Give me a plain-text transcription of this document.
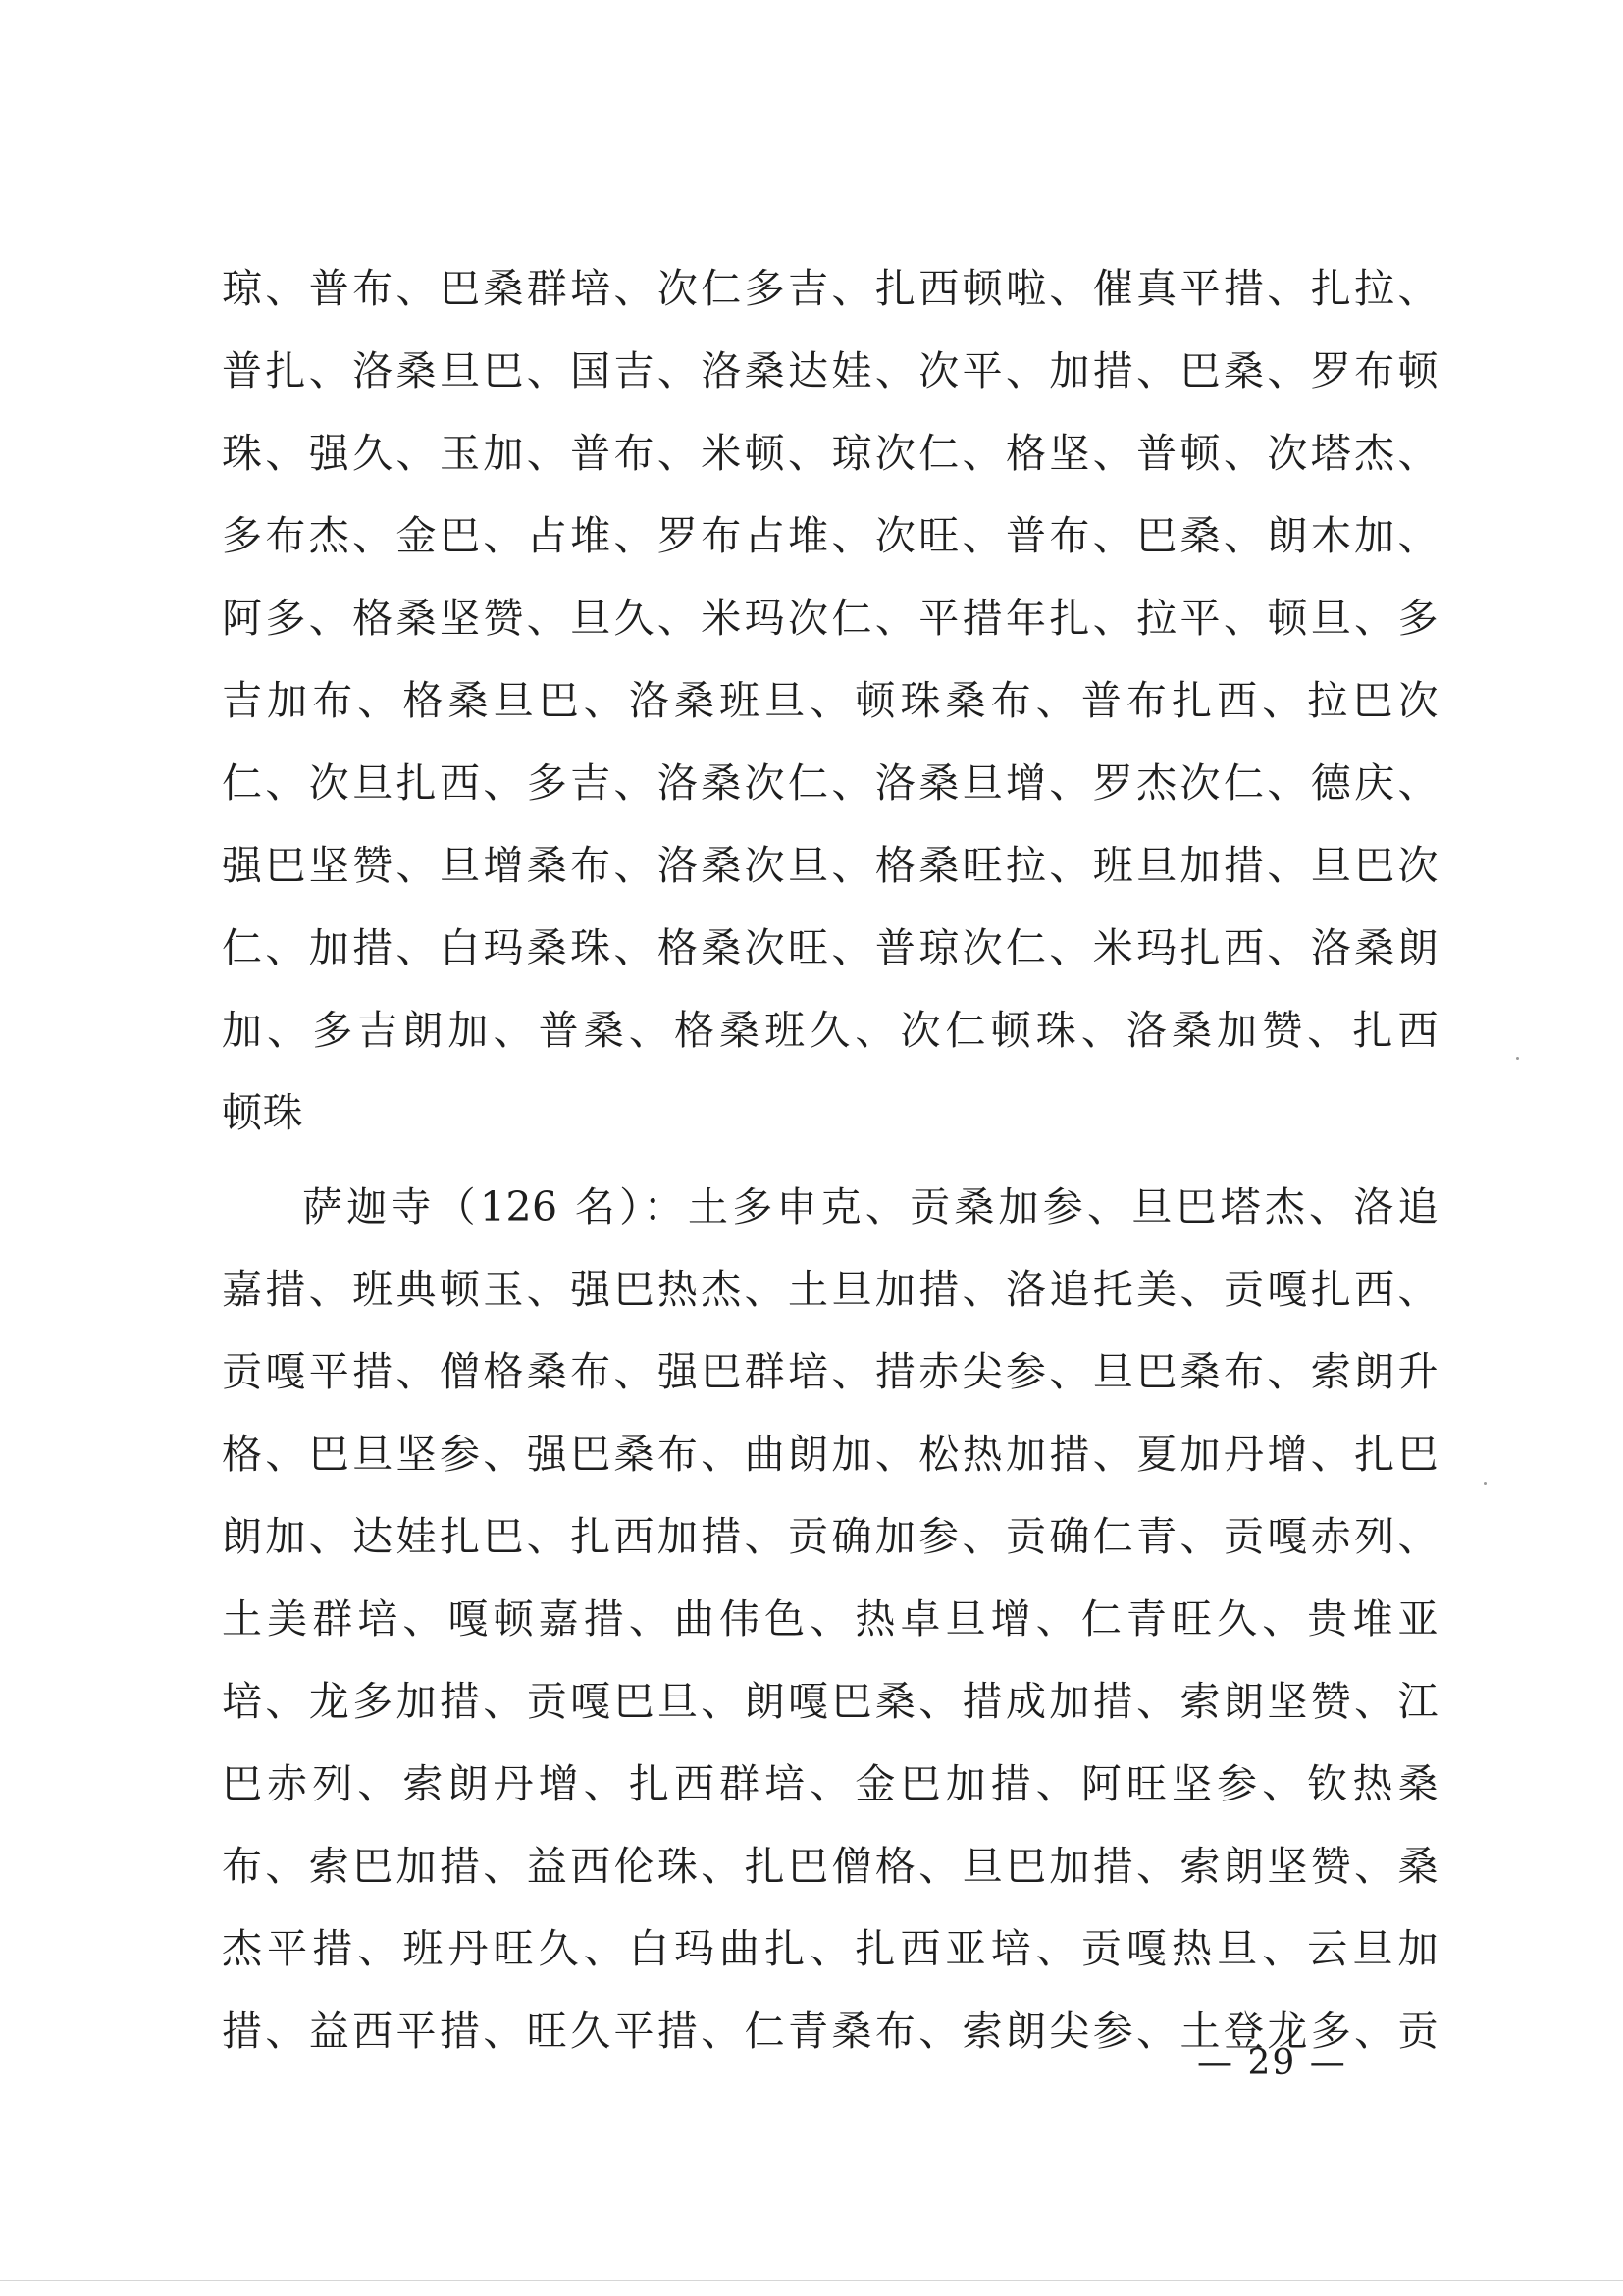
琼、普布、巴桑群培、次仁多吉、扎西顿啦、催真平措、扎拉、
普扎、洛桑旦巴、国吉、洛桑达娃、次平、加措、巴桑、罗布顿
珠、强久、玉加、普布、米顿、琼次仁、格坚、普顿、次塔杰、
多布杰、金巴、占堆、罗布占堆、次旺、普布、巴桑、朗木加、
阿多、格桑坚赞、旦久、米玛次仁、平措年扎、拉平、顿旦、多
吉加布、格桑旦巴、洛桑班旦、顿珠桑布、普布扎西、拉巴次
仁、次旦扎西、多吉、洛桑次仁、洛桑旦增、罗杰次仁、德庆、
强巴坚赞、旦增桑布、洛桑次旦、格桑旺拉、班旦加措、旦巴次
仁、加措、白玛桑珠、格桑次旺、普琼次仁、米玛扎西、洛桑朗
加、多吉朗加、普桑、格桑班久、次仁顿珠、洛桑加赞、扎西
顿珠
萨迦寺（126 名）：土多申克、贡桑加参、旦巴塔杰、洛追
嘉措、班典顿玉、强巴热杰、土旦加措、洛追托美、贡嘎扎西、
贡嘎平措、僧格桑布、强巴群培、措赤尖参、旦巴桑布、索朗升
格、巴旦坚参、强巴桑布、曲朗加、松热加措、夏加丹增、扎巴
朗加、达娃扎巴、扎西加措、贡确加参、贡确仁青、贡嘎赤列、
土美群培、嘎顿嘉措、曲伟色、热卓旦增、仁青旺久、贵堆亚
培、龙多加措、贡嘎巴旦、朗嘎巴桑、措成加措、索朗坚赞、江
巴赤列、索朗丹增、扎西群培、金巴加措、阿旺坚参、钦热桑
布、索巴加措、益西伦珠、扎巴僧格、旦巴加措、索朗坚赞、桑
杰平措、班丹旺久、白玛曲扎、扎西亚培、贡嘎热旦、云旦加
措、益西平措、旺久平措、仁青桑布、索朗尖参、土登龙多、贡
— 29 —
